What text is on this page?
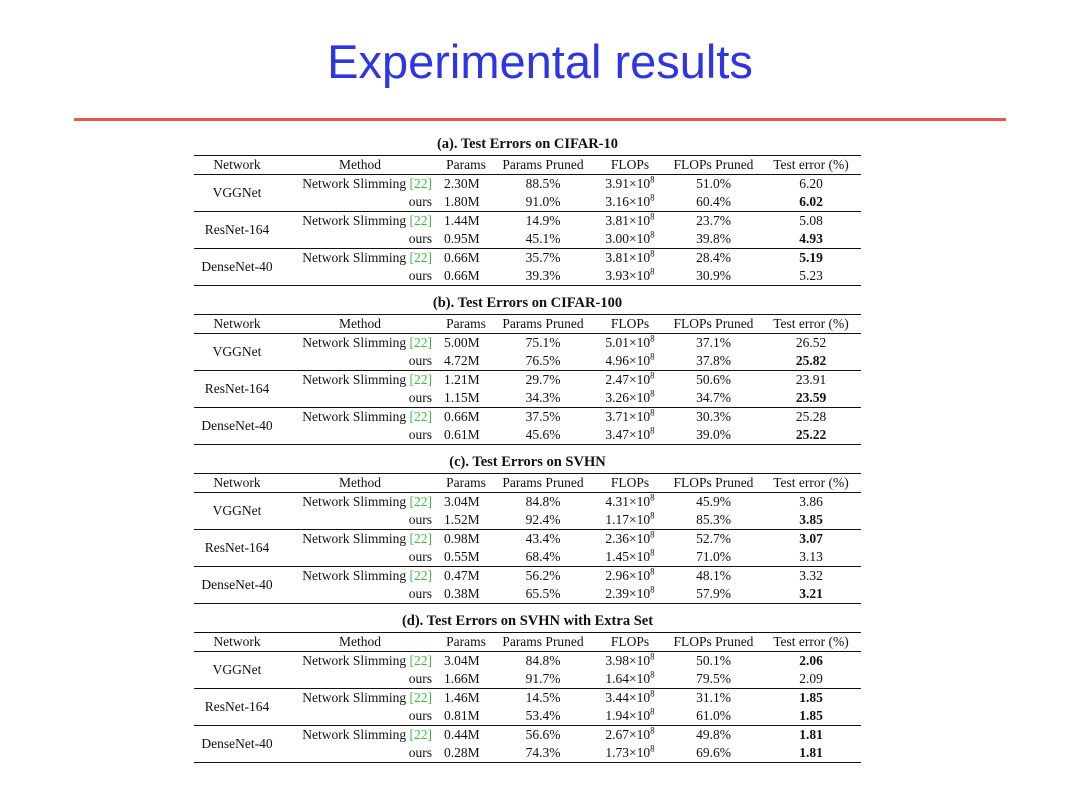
Experimental results
(a). Test Errors on CIFAR-10
Network	Method	Params	Params Pruned	FLOPs	FLOPs Pruned	Test error (%)
VGGNet	Network Slimming [22]	2.30M	88.5%	$3.91\times 10^8$	51.0%	6.20
	ours	1.80M	91.0%	$3.16\times 10^8$	60.4%	6.02
ResNet-164	Network Slimming [22]	1.44M	14.9%	$3.81\times 10^8$	23.7%	5.08
	ours	0.95M	45.1%	$3.00\times 10^8$	39.8%	4.93
DenseNet-40	Network Slimming [22]	0.66M	35.7%	$3.81\times 10^8$	28.4%	5.19
	ours	0.66M	39.3%	$3.93\times 10^8$	30.9%	5.23
(b). Test Errors on CIFAR-100
Network	Method	Params	Params Pruned	FLOPs	FLOPs Pruned	Test error (%)
VGGNet	Network Slimming [22]	5.00M	75.1%	$5.01\times 10^8$	37.1%	26.52
	ours	4.72M	76.5%	$4.96\times 10^8$	37.8%	25.82
ResNet-164	Network Slimming [22]	1.21M	29.7%	$2.47\times 10^8$	50.6%	23.91
	ours	1.15M	34.3%	$3.26\times 10^8$	34.7%	23.59
DenseNet-40	Network Slimming [22]	0.66M	37.5%	$3.71\times 10^8$	30.3%	25.28
	ours	0.61M	45.6%	$3.47\times 10^8$	39.0%	25.22
(c). Test Errors on SVHN
Network	Method	Params	Params Pruned	FLOPs	FLOPs Pruned	Test error (%)
VGGNet	Network Slimming [22]	3.04M	84.8%	$4.31\times 10^8$	45.9%	3.86
	ours	1.52M	92.4%	$1.17\times 10^8$	85.3%	3.85
ResNet-164	Network Slimming [22]	0.98M	43.4%	$2.36\times 10^8$	52.7%	3.07
	ours	0.55M	68.4%	$1.45\times 10^8$	71.0%	3.13
DenseNet-40	Network Slimming [22]	0.47M	56.2%	$2.96\times 10^8$	48.1%	3.32
	ours	0.38M	65.5%	$2.39\times 10^8$	57.9%	3.21
(d). Test Errors on SVHN with Extra Set
Network	Method	Params	Params Pruned	FLOPs	FLOPs Pruned	Test error (%)
VGGNet	Network Slimming [22]	3.04M	84.8%	$3.98\times 10^8$	50.1%	2.06
	ours	1.66M	91.7%	$1.64\times 10^8$	79.5%	2.09
ResNet-164	Network Slimming [22]	1.46M	14.5%	$3.44\times 10^8$	31.1%	1.85
	ours	0.81M	53.4%	$1.94\times 10^8$	61.0%	1.85
DenseNet-40	Network Slimming [22]	0.44M	56.6%	$2.67\times 10^8$	49.8%	1.81
	ours	0.28M	74.3%	$1.73\times 10^8$	69.6%	1.81
